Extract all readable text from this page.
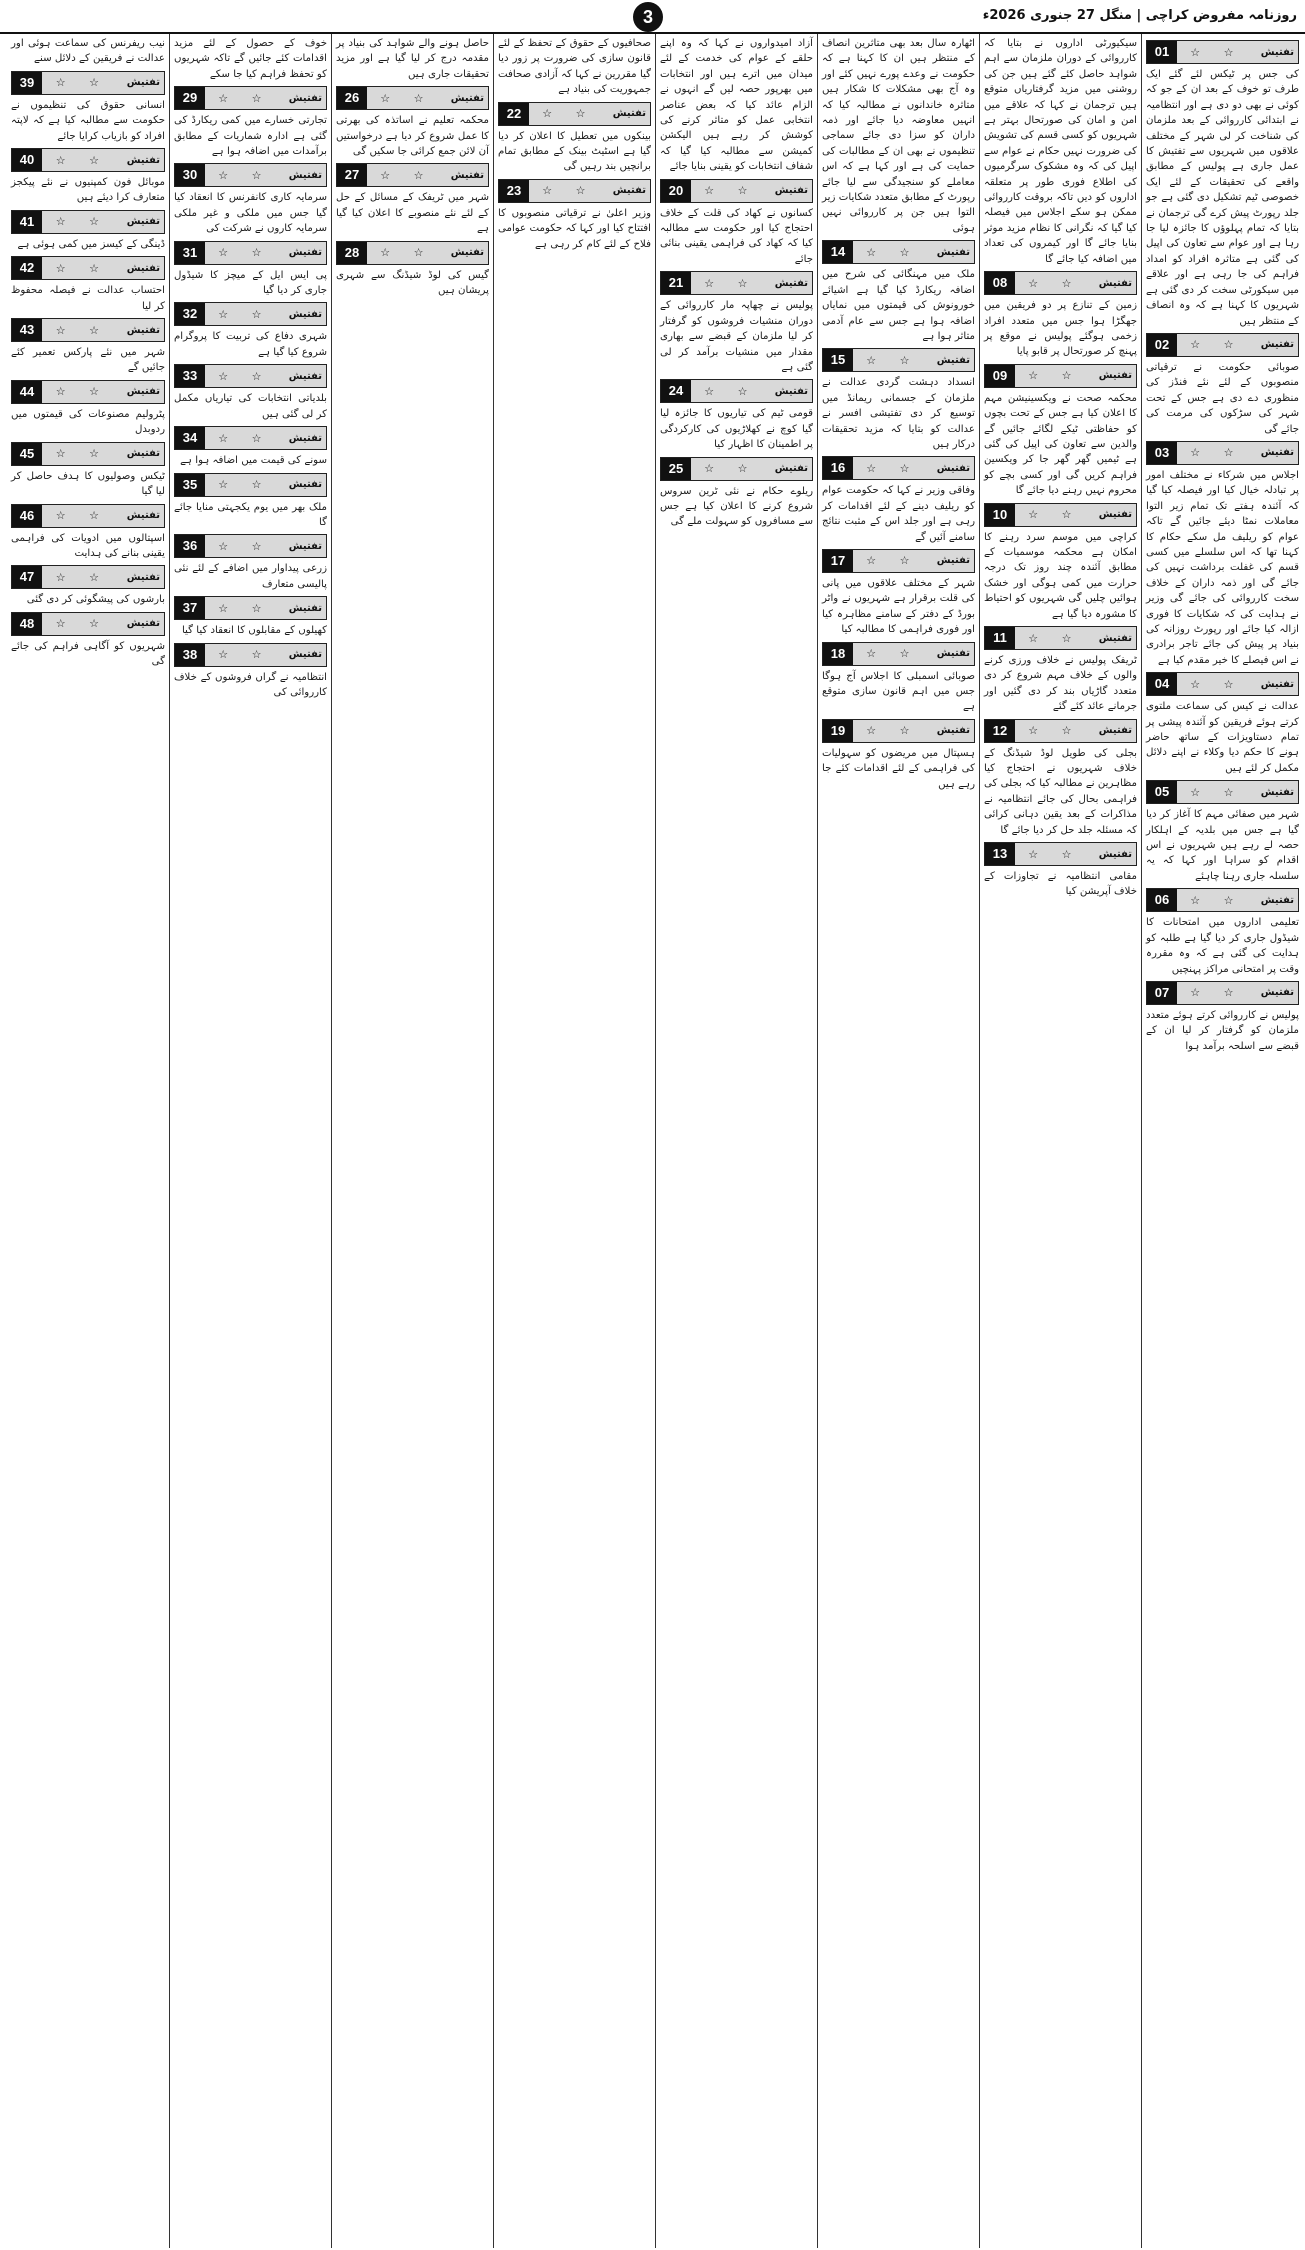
روزنامہ مفروض کراچی | منگل 27 جنوری 2026ء
3
تفتیش
☆ ☆
01

کی جس پر ٹیکس لئے گئے ایک طرف تو خوف کے بعد ان کے جو کہ کوئی نے بھی دو دی ہے اور انتظامیہ نے ابتدائی کارروائی کے بعد ملزمان کی شناخت کر لی شہر کے مختلف علاقوں میں شہریوں سے تفتیش کا عمل جاری ہے پولیس کے مطابق واقعے کی تحقیقات کے لئے ایک خصوصی ٹیم تشکیل دی گئی ہے جو جلد رپورٹ پیش کرے گی ترجمان نے بتایا کہ تمام پہلوؤں کا جائزہ لیا جا رہا ہے اور عوام سے تعاون کی اپیل کی گئی ہے متاثرہ افراد کو امداد فراہم کی جا رہی ہے اور علاقے میں سیکورٹی سخت کر دی گئی ہے شہریوں کا کہنا ہے کہ وہ انصاف کے منتظر ہیں

تفتیش
☆ ☆
02

صوبائی حکومت نے ترقیاتی منصوبوں کے لئے نئے فنڈز کی منظوری دے دی ہے جس کے تحت شہر کی سڑکوں کی مرمت کی جائے گی

تفتیش
☆ ☆
03

اجلاس میں شرکاء نے مختلف امور پر تبادلہ خیال کیا اور فیصلہ کیا گیا کہ آئندہ ہفتے تک تمام زیر التوا معاملات نمٹا دیئے جائیں گے تاکہ عوام کو ریلیف مل سکے حکام کا کہنا تھا کہ اس سلسلے میں کسی قسم کی غفلت برداشت نہیں کی جائے گی اور ذمہ داران کے خلاف سخت کارروائی کی جائے گی وزیر نے ہدایت کی کہ شکایات کا فوری ازالہ کیا جائے اور رپورٹ روزانہ کی بنیاد پر پیش کی جائے تاجر برادری نے اس فیصلے کا خیر مقدم کیا ہے

تفتیش
☆ ☆
04

عدالت نے کیس کی سماعت ملتوی کرتے ہوئے فریقین کو آئندہ پیشی پر تمام دستاویزات کے ساتھ حاضر ہونے کا حکم دیا وکلاء نے اپنے دلائل مکمل کر لئے ہیں

تفتیش
☆ ☆
05

شہر میں صفائی مہم کا آغاز کر دیا گیا ہے جس میں بلدیہ کے اہلکار حصہ لے رہے ہیں شہریوں نے اس اقدام کو سراہا اور کہا کہ یہ سلسلہ جاری رہنا چاہئے

تفتیش
☆ ☆
06

تعلیمی اداروں میں امتحانات کا شیڈول جاری کر دیا گیا ہے طلبہ کو ہدایت کی گئی ہے کہ وہ مقررہ وقت پر امتحانی مراکز پہنچیں

تفتیش
☆ ☆
07

پولیس نے کارروائی کرتے ہوئے متعدد ملزمان کو گرفتار کر لیا ان کے قبضے سے اسلحہ برآمد ہوا

سیکیورٹی اداروں نے بتایا کہ کارروائی کے دوران ملزمان سے اہم شواہد حاصل کئے گئے ہیں جن کی روشنی میں مزید گرفتاریاں متوقع ہیں ترجمان نے کہا کہ علاقے میں امن و امان کی صورتحال بہتر ہے شہریوں کو کسی قسم کی تشویش کی ضرورت نہیں حکام نے عوام سے اپیل کی کہ وہ مشکوک سرگرمیوں کی اطلاع فوری طور پر متعلقہ اداروں کو دیں تاکہ بروقت کارروائی ممکن ہو سکے اجلاس میں فیصلہ کیا گیا کہ نگرانی کا نظام مزید موثر بنایا جائے گا اور کیمروں کی تعداد میں اضافہ کیا جائے گا

تفتیش
☆ ☆
08

زمین کے تنازع پر دو فریقین میں جھگڑا ہوا جس میں متعدد افراد زخمی ہوگئے پولیس نے موقع پر پہنچ کر صورتحال پر قابو پایا

تفتیش
☆ ☆
09

محکمہ صحت نے ویکسینیشن مہم کا اعلان کیا ہے جس کے تحت بچوں کو حفاظتی ٹیکے لگائے جائیں گے والدین سے تعاون کی اپیل کی گئی ہے ٹیمیں گھر گھر جا کر ویکسین فراہم کریں گی اور کسی بچے کو محروم نہیں رہنے دیا جائے گا

تفتیش
☆ ☆
10

کراچی میں موسم سرد رہنے کا امکان ہے محکمہ موسمیات کے مطابق آئندہ چند روز تک درجہ حرارت میں کمی ہوگی اور خشک ہوائیں چلیں گی شہریوں کو احتیاط کا مشورہ دیا گیا ہے

تفتیش
☆ ☆
11

ٹریفک پولیس نے خلاف ورزی کرنے والوں کے خلاف مہم شروع کر دی متعدد گاڑیاں بند کر دی گئیں اور جرمانے عائد کئے گئے

تفتیش
☆ ☆
12

بجلی کی طویل لوڈ شیڈنگ کے خلاف شہریوں نے احتجاج کیا مظاہرین نے مطالبہ کیا کہ بجلی کی فراہمی بحال کی جائے انتظامیہ نے مذاکرات کے بعد یقین دہانی کرائی کہ مسئلہ جلد حل کر دیا جائے گا

تفتیش
☆ ☆
13

مقامی انتظامیہ نے تجاوزات کے خلاف آپریشن کیا

اٹھارہ سال بعد بھی متاثرین انصاف کے منتظر ہیں ان کا کہنا ہے کہ حکومت نے وعدے پورے نہیں کئے اور وہ آج بھی مشکلات کا شکار ہیں متاثرہ خاندانوں نے مطالبہ کیا کہ انہیں معاوضہ دیا جائے اور ذمہ داران کو سزا دی جائے سماجی تنظیموں نے بھی ان کے مطالبات کی حمایت کی ہے اور کہا ہے کہ اس معاملے کو سنجیدگی سے لیا جائے رپورٹ کے مطابق متعدد شکایات زیر التوا ہیں جن پر کارروائی نہیں ہوئی

تفتیش
☆ ☆
14

ملک میں مہنگائی کی شرح میں اضافہ ریکارڈ کیا گیا ہے اشیائے خورونوش کی قیمتوں میں نمایاں اضافہ ہوا ہے جس سے عام آدمی متاثر ہوا ہے

تفتیش
☆ ☆
15

انسداد دہشت گردی عدالت نے ملزمان کے جسمانی ریمانڈ میں توسیع کر دی تفتیشی افسر نے عدالت کو بتایا کہ مزید تحقیقات درکار ہیں

تفتیش
☆ ☆
16

وفاقی وزیر نے کہا کہ حکومت عوام کو ریلیف دینے کے لئے اقدامات کر رہی ہے اور جلد اس کے مثبت نتائج سامنے آئیں گے

تفتیش
☆ ☆
17

شہر کے مختلف علاقوں میں پانی کی قلت برقرار ہے شہریوں نے واٹر بورڈ کے دفتر کے سامنے مظاہرہ کیا اور فوری فراہمی کا مطالبہ کیا

تفتیش
☆ ☆
18

صوبائی اسمبلی کا اجلاس آج ہوگا جس میں اہم قانون سازی متوقع ہے

تفتیش
☆ ☆
19

ہسپتال میں مریضوں کو سہولیات کی فراہمی کے لئے اقدامات کئے جا رہے ہیں

آزاد امیدواروں نے کہا کہ وہ اپنے حلقے کے عوام کی خدمت کے لئے میدان میں اترے ہیں اور انتخابات میں بھرپور حصہ لیں گے انہوں نے الزام عائد کیا کہ بعض عناصر انتخابی عمل کو متاثر کرنے کی کوشش کر رہے ہیں الیکشن کمیشن سے مطالبہ کیا گیا کہ شفاف انتخابات کو یقینی بنایا جائے

تفتیش
☆ ☆
20

کسانوں نے کھاد کی قلت کے خلاف احتجاج کیا اور حکومت سے مطالبہ کیا کہ کھاد کی فراہمی یقینی بنائی جائے

تفتیش
☆ ☆
21

پولیس نے چھاپہ مار کارروائی کے دوران منشیات فروشوں کو گرفتار کر لیا ملزمان کے قبضے سے بھاری مقدار میں منشیات برآمد کر لی گئی ہے

تفتیش
☆ ☆
24

قومی ٹیم کی تیاریوں کا جائزہ لیا گیا کوچ نے کھلاڑیوں کی کارکردگی پر اطمینان کا اظہار کیا

تفتیش
☆ ☆
25

ریلوے حکام نے نئی ٹرین سروس شروع کرنے کا اعلان کیا ہے جس سے مسافروں کو سہولت ملے گی

صحافیوں کے حقوق کے تحفظ کے لئے قانون سازی کی ضرورت پر زور دیا گیا مقررین نے کہا کہ آزادی صحافت جمہوریت کی بنیاد ہے

تفتیش
☆ ☆
22

بینکوں میں تعطیل کا اعلان کر دیا گیا ہے اسٹیٹ بینک کے مطابق تمام برانچیں بند رہیں گی

تفتیش
☆ ☆
23

وزیر اعلیٰ نے ترقیاتی منصوبوں کا افتتاح کیا اور کہا کہ حکومت عوامی فلاح کے لئے کام کر رہی ہے

حاصل ہونے والے شواہد کی بنیاد پر مقدمہ درج کر لیا گیا ہے اور مزید تحقیقات جاری ہیں

تفتیش
☆ ☆
26

محکمہ تعلیم نے اساتذہ کی بھرتی کا عمل شروع کر دیا ہے درخواستیں آن لائن جمع کرائی جا سکیں گی

تفتیش
☆ ☆
27

شہر میں ٹریفک کے مسائل کے حل کے لئے نئے منصوبے کا اعلان کیا گیا ہے

تفتیش
☆ ☆
28

گیس کی لوڈ شیڈنگ سے شہری پریشان ہیں

خوف کے حصول کے لئے مزید اقدامات کئے جائیں گے تاکہ شہریوں کو تحفظ فراہم کیا جا سکے

تفتیش
☆ ☆
29

تجارتی خسارے میں کمی ریکارڈ کی گئی ہے ادارہ شماریات کے مطابق برآمدات میں اضافہ ہوا ہے

تفتیش
☆ ☆
30

سرمایہ کاری کانفرنس کا انعقاد کیا گیا جس میں ملکی و غیر ملکی سرمایہ کاروں نے شرکت کی

تفتیش
☆ ☆
31

پی ایس ایل کے میچز کا شیڈول جاری کر دیا گیا

تفتیش
☆ ☆
32

شہری دفاع کی تربیت کا پروگرام شروع کیا گیا ہے

تفتیش
☆ ☆
33

بلدیاتی انتخابات کی تیاریاں مکمل کر لی گئی ہیں

تفتیش
☆ ☆
34

سونے کی قیمت میں اضافہ ہوا ہے

تفتیش
☆ ☆
35

ملک بھر میں یوم یکجہتی منایا جائے گا

تفتیش
☆ ☆
36

زرعی پیداوار میں اضافے کے لئے نئی پالیسی متعارف

تفتیش
☆ ☆
37

کھیلوں کے مقابلوں کا انعقاد کیا گیا

تفتیش
☆ ☆
38

انتظامیہ نے گراں فروشوں کے خلاف کارروائی کی

نیب ریفرنس کی سماعت ہوئی اور عدالت نے فریقین کے دلائل سنے

تفتیش
☆ ☆
39

انسانی حقوق کی تنظیموں نے حکومت سے مطالبہ کیا ہے کہ لاپتہ افراد کو بازیاب کرایا جائے

تفتیش
☆ ☆
40

موبائل فون کمپنیوں نے نئے پیکجز متعارف کرا دیئے ہیں

تفتیش
☆ ☆
41

ڈینگی کے کیسز میں کمی ہوئی ہے

تفتیش
☆ ☆
42

احتساب عدالت نے فیصلہ محفوظ کر لیا

تفتیش
☆ ☆
43

شہر میں نئے پارکس تعمیر کئے جائیں گے

تفتیش
☆ ☆
44

پٹرولیم مصنوعات کی قیمتوں میں ردوبدل

تفتیش
☆ ☆
45

ٹیکس وصولیوں کا ہدف حاصل کر لیا گیا

تفتیش
☆ ☆
46

اسپتالوں میں ادویات کی فراہمی یقینی بنانے کی ہدایت

تفتیش
☆ ☆
47

بارشوں کی پیشگوئی کر دی گئی

تفتیش
☆ ☆
48

شہریوں کو آگاہی فراہم کی جائے گی
